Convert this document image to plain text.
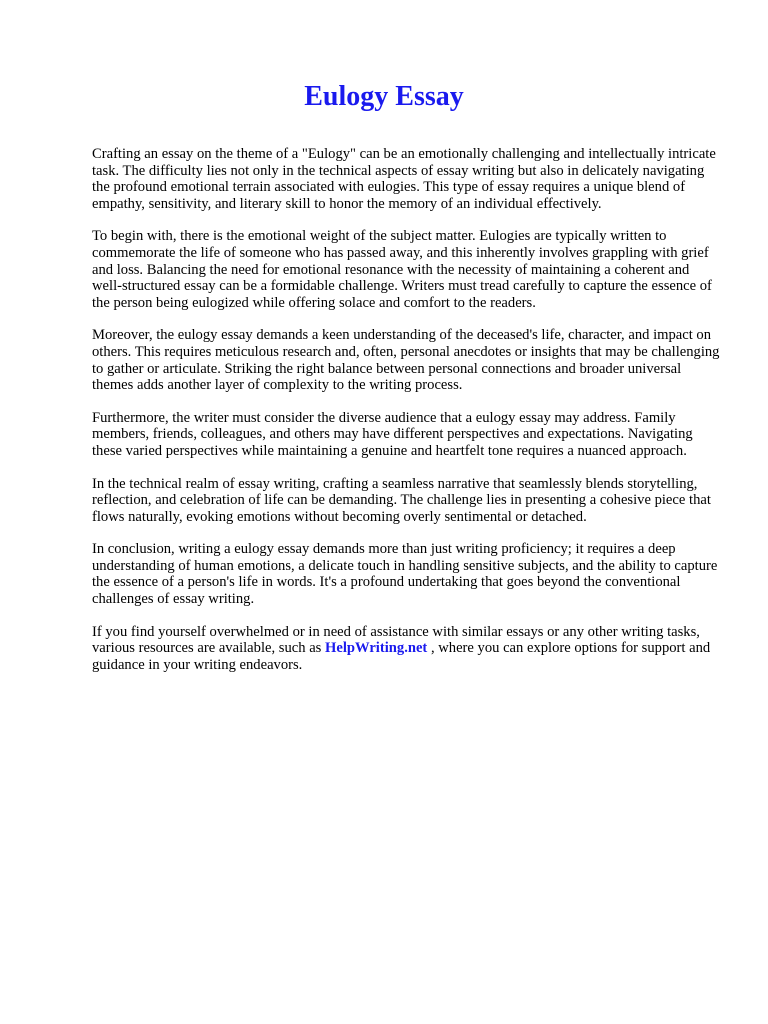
Eulogy Essay

Crafting an essay on the theme of a "Eulogy" can be an emotionally challenging and intellectually intricate task. The difficulty lies not only in the technical aspects of essay writing but also in delicately navigating the profound emotional terrain associated with eulogies. This type of essay requires a unique blend of empathy, sensitivity, and literary skill to honor the memory of an individual effectively.

To begin with, there is the emotional weight of the subject matter. Eulogies are typically written to commemorate the life of someone who has passed away, and this inherently involves grappling with grief and loss. Balancing the need for emotional resonance with the necessity of maintaining a coherent and well-structured essay can be a formidable challenge. Writers must tread carefully to capture the essence of the person being eulogized while offering solace and comfort to the readers.

Moreover, the eulogy essay demands a keen understanding of the deceased's life, character, and impact on others. This requires meticulous research and, often, personal anecdotes or insights that may be challenging to gather or articulate. Striking the right balance between personal connections and broader universal themes adds another layer of complexity to the writing process.

Furthermore, the writer must consider the diverse audience that a eulogy essay may address. Family members, friends, colleagues, and others may have different perspectives and expectations. Navigating these varied perspectives while maintaining a genuine and heartfelt tone requires a nuanced approach.

In the technical realm of essay writing, crafting a seamless narrative that seamlessly blends storytelling, reflection, and celebration of life can be demanding. The challenge lies in presenting a cohesive piece that flows naturally, evoking emotions without becoming overly sentimental or detached.

In conclusion, writing a eulogy essay demands more than just writing proficiency; it requires a deep understanding of human emotions, a delicate touch in handling sensitive subjects, and the ability to capture the essence of a person's life in words. It's a profound undertaking that goes beyond the conventional challenges of essay writing.

If you find yourself overwhelmed or in need of assistance with similar essays or any other writing tasks, various resources are available, such as HelpWriting.net , where you can explore options for support and guidance in your writing endeavors.
